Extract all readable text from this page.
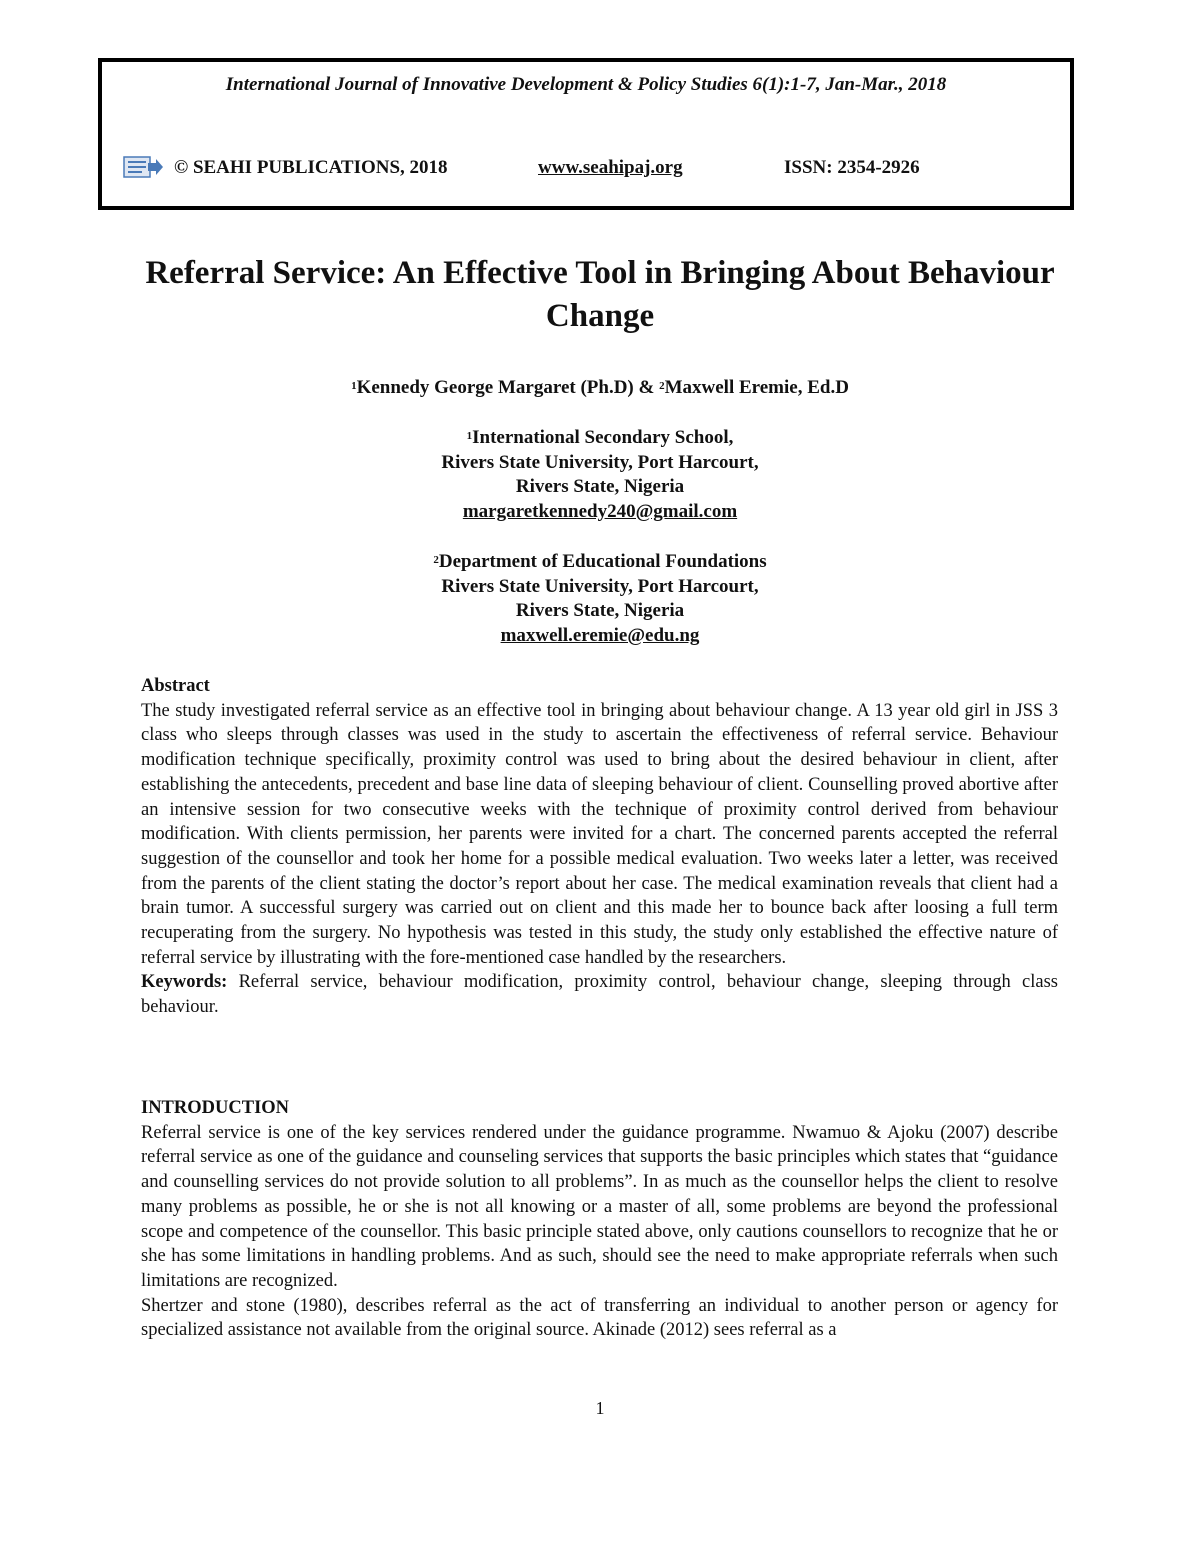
International Journal of Innovative Development & Policy Studies 6(1):1-7, Jan-Mar., 2018
© SEAHI PUBLICATIONS, 2018	www.seahipaj.org	ISSN: 2354-2926
Referral Service: An Effective Tool in Bringing About Behaviour Change
$^1$Kennedy George Margaret (Ph.D) & $^2$Maxwell Eremie, Ed.D
$^1$International Secondary School,
Rivers State University, Port Harcourt,
Rivers State, Nigeria
margaretkennedy240@gmail.com
$^2$Department of Educational Foundations
Rivers State University, Port Harcourt,
Rivers State, Nigeria
maxwell.eremie@edu.ng

Abstract

The study investigated referral service as an effective tool in bringing about behaviour change. A 13 year old girl in JSS 3 class who sleeps through classes was used in the study to ascertain the effectiveness of referral service. Behaviour modification technique specifically, proximity control was used to bring about the desired behaviour in client, after establishing the antecedents, precedent and base line data of sleeping behaviour of client. Counselling proved abortive after an intensive session for two consecutive weeks with the technique of proximity control derived from behaviour modification. With clients permission, her parents were invited for a chart. The concerned parents accepted the referral suggestion of the counsellor and took her home for a possible medical evaluation. Two weeks later a letter, was received from the parents of the client stating the doctor’s report about her case. The medical examination reveals that client had a brain tumor. A successful surgery was carried out on client and this made her to bounce back after loosing a full term recuperating from the surgery. No hypothesis was tested in this study, the study only established the effective nature of referral service by illustrating with the fore-mentioned case handled by the researchers.

Keywords: Referral service, behaviour modification, proximity control, behaviour change, sleeping through class behaviour.

INTRODUCTION

Referral service is one of the key services rendered under the guidance programme. Nwamuo & Ajoku (2007) describe referral service as one of the guidance and counseling services that supports the basic principles which states that “guidance and counselling services do not provide solution to all problems”. In as much as the counsellor helps the client to resolve many problems as possible, he or she is not all knowing or a master of all, some problems are beyond the professional scope and competence of the counsellor. This basic principle stated above, only cautions counsellors to recognize that he or she has some limitations in handling problems. And as such, should see the need to make appropriate referrals when such limitations are recognized.

Shertzer and stone (1980), describes referral as the act of transferring an individual to another person or agency for specialized assistance not available from the original source. Akinade (2012) sees referral as a

1
